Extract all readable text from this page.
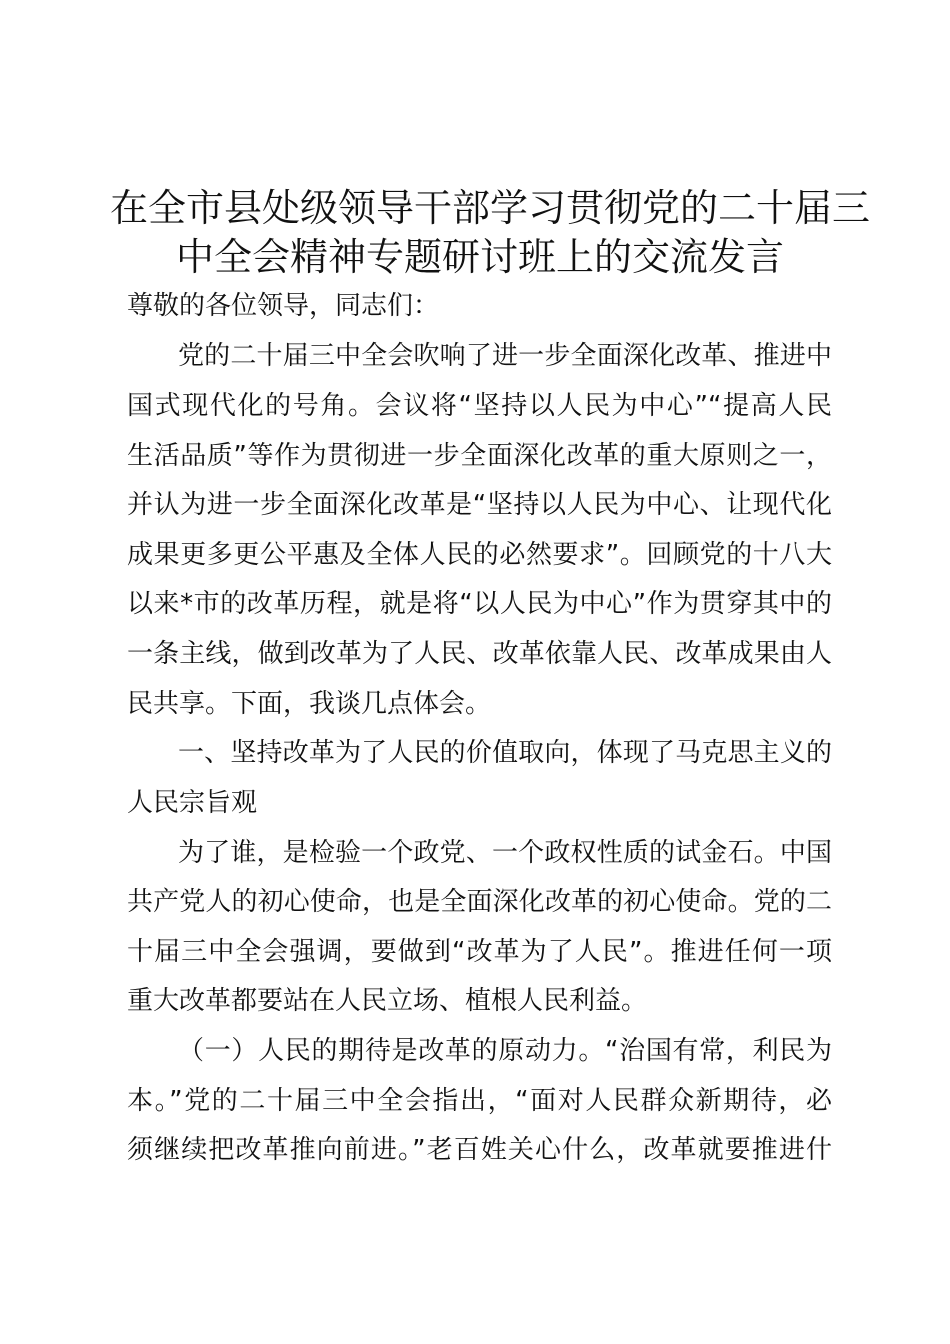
在全市县处级领导干部学习贯彻党的二十届三
中全会精神专题研讨班上的交流发言
尊敬的各位领导，同志们：
党的二十届三中全会吹响了进一步全面深化改革、推进中
国式现代化的号角。会议将“坚持以人民为中心”“提高人民
生活品质”等作为贯彻进一步全面深化改革的重大原则之一，
并认为进一步全面深化改革是“坚持以人民为中心、让现代化
成果更多更公平惠及全体人民的必然要求”。回顾党的十八大
以来*市的改革历程，就是将“以人民为中心”作为贯穿其中的
一条主线，做到改革为了人民、改革依靠人民、改革成果由人
民共享。下面，我谈几点体会。
一、坚持改革为了人民的价值取向，体现了马克思主义的
人民宗旨观
为了谁，是检验一个政党、一个政权性质的试金石。中国
共产党人的初心使命，也是全面深化改革的初心使命。党的二
十届三中全会强调，要做到“改革为了人民”。推进任何一项
重大改革都要站在人民立场、植根人民利益。
（一）人民的期待是改革的原动力。“治国有常，利民为
本。”党的二十届三中全会指出，“面对人民群众新期待，必
须继续把改革推向前进。”老百姓关心什么，改革就要推进什
